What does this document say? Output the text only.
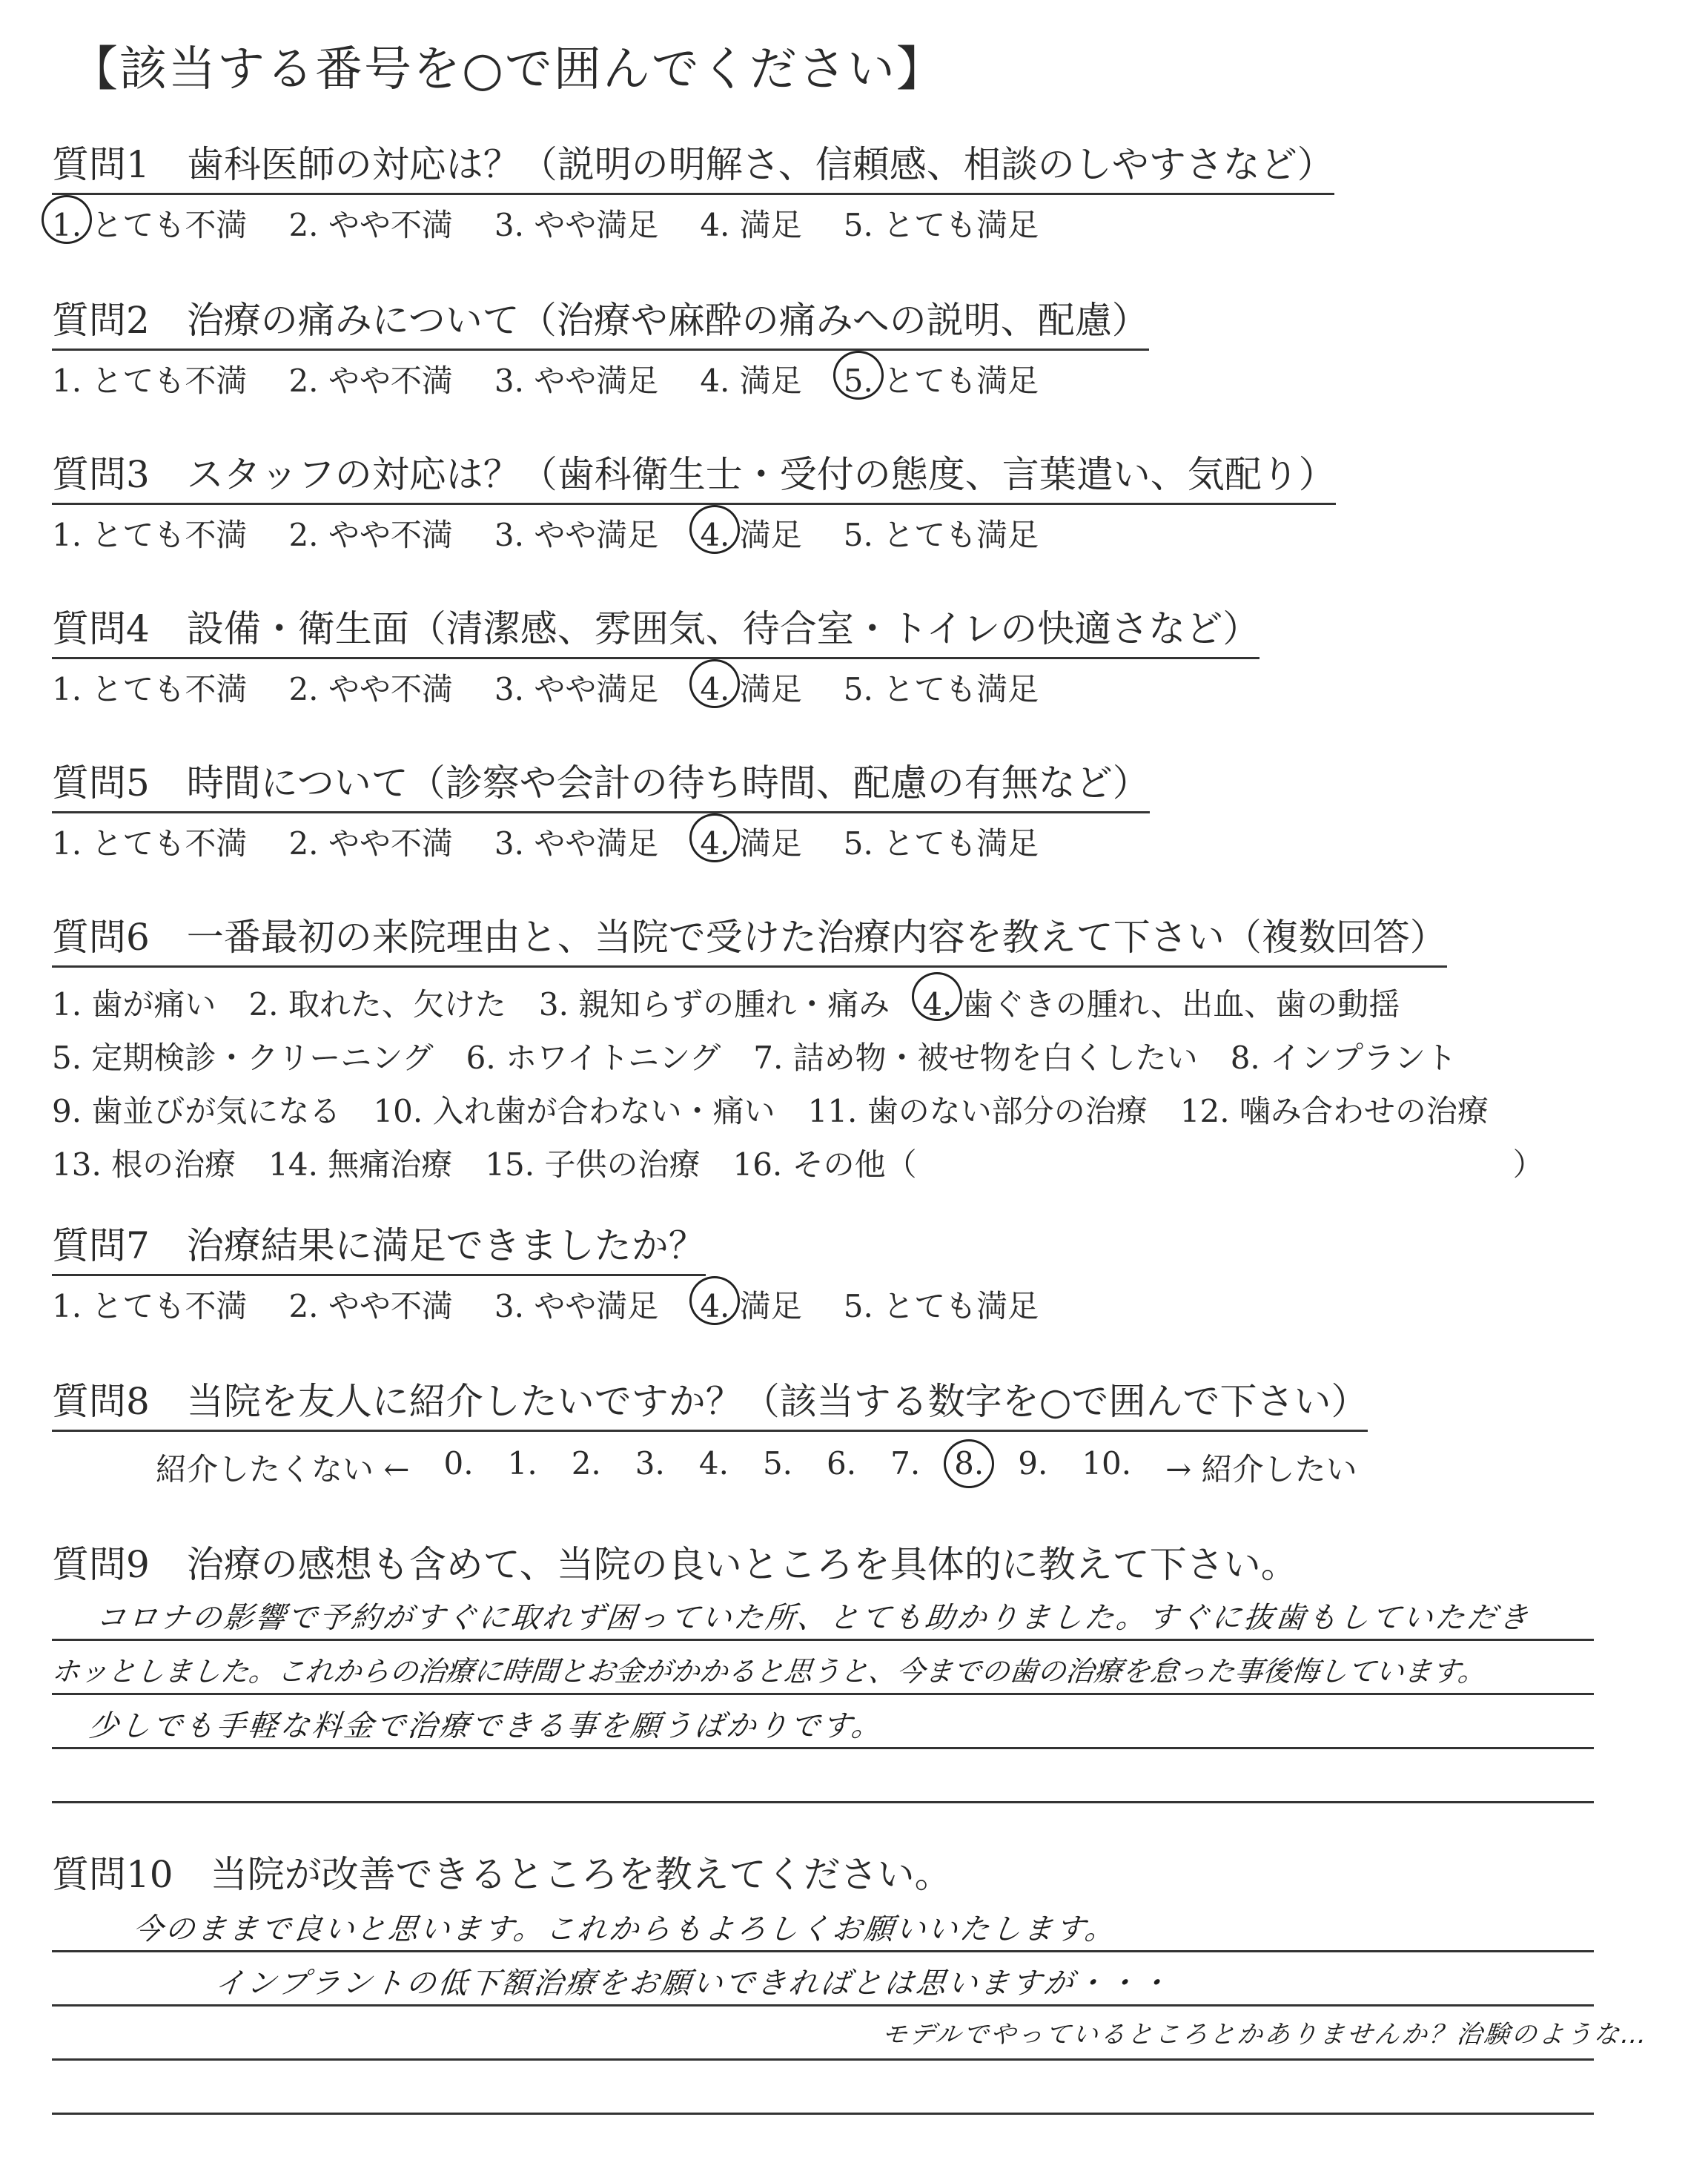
【該当する番号を○で囲んでください】
質問1　歯科医師の対応は？（説明の明解さ、信頼感、相談のしやすさなど）
1. とても不満 2. やや不満 3. やや満足 4. 満足 5. とても満足
質問2　治療の痛みについて（治療や麻酔の痛みへの説明、配慮）
1. とても不満 2. やや不満 3. やや満足 4. 満足 5. とても満足
質問3　スタッフの対応は？（歯科衛生士・受付の態度、言葉遣い、気配り）
1. とても不満 2. やや不満 3. やや満足 4. 満足 5. とても満足
質問4　設備・衛生面（清潔感、雰囲気、待合室・トイレの快適さなど）
1. とても不満 2. やや不満 3. やや満足 4. 満足 5. とても満足
質問5　時間について（診察や会計の待ち時間、配慮の有無など）
1. とても不満 2. やや不満 3. やや満足 4. 満足 5. とても満足
質問6　一番最初の来院理由と、当院で受けた治療内容を教えて下さい（複数回答）
1. 歯が痛い 2. 取れた、欠けた 3. 親知らずの腫れ・痛み 4. 歯ぐきの腫れ、出血、歯の動揺
5. 定期検診・クリーニング 6. ホワイトニング 7. 詰め物・被せ物を白くしたい 8. インプラント
9. 歯並びが気になる 10. 入れ歯が合わない・痛い 11. 歯のない部分の治療 12. 噛み合わせの治療
13. 根の治療 14. 無痛治療 15. 子供の治療 16. その他（	）
質問7　治療結果に満足できましたか？
1. とても不満 2. やや不満 3. やや満足 4. 満足 5. とても満足
質問8　当院を友人に紹介したいですか？（該当する数字を○で囲んで下さい）
紹介したくない ← 0. 1. 2. 3. 4. 5. 6. 7. 8. 9. 10. → 紹介したい
質問9　治療の感想も含めて、当院の良いところを具体的に教えて下さい。
コロナの影響で予約がすぐに取れず困っていた所、とても助かりました。すぐに抜歯もしていただき
ホッとしました。これからの治療に時間とお金がかかると思うと、今までの歯の治療を怠った事後悔しています。
少しでも手軽な料金で治療できる事を願うばかりです。
質問10　当院が改善できるところを教えてください。
今のままで良いと思います。これからもよろしくお願いいたします。
インプラントの低下額治療をお願いできればとは思いますが・・・
モデルでやっているところとかありませんか？治験のような…
